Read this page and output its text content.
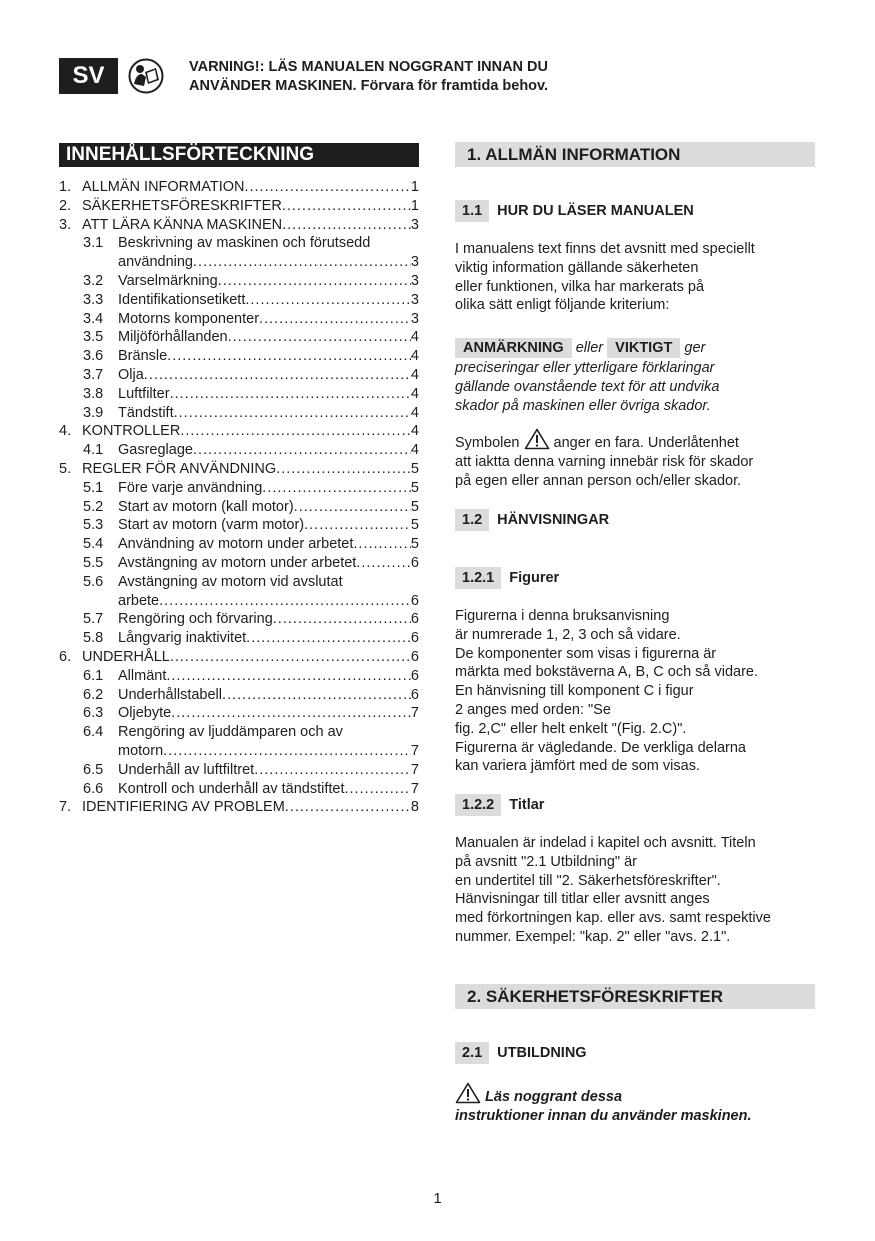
SV	VARNING!: LÄS MANUALEN NOGGRANT INNAN DU
ANVÄNDER MASKINEN. Förvara för framtida behov.
INNEHÅLLSFÖRTECKNING
1. ALLMÄN INFORMATION .....	1
2. SÄKERHETSFÖRESKRIFTER .....	1
3. ATT LÄRA KÄNNA MASKINEN .....	3
3.1	Beskrivning av maskinen och förutsedd
användning .....	3
3.2	Varselmärkning .....	3
3.3	Identifikationsetikett .....	3
3.4	Motorns komponenter .....	3
3.5	Miljöförhållanden .....	4
3.6	Bränsle .....	4
3.7	Olja .....	4
3.8	Luftfilter .....	4
3.9	Tändstift .....	4
4. KONTROLLER .....	4
4.1	Gasreglage .....	4
5. REGLER FÖR ANVÄNDNING .....	5
5.1	Före varje användning .....	5
5.2	Start av motorn (kall motor) .....	5
5.3	Start av motorn (varm motor) .....	5
5.4	Användning av motorn under arbetet .....	5
5.5	Avstängning av motorn under arbetet .....	6
5.6	Avstängning av motorn vid avslutat
arbete .....	6
5.7	Rengöring och förvaring .....	6
5.8	Långvarig inaktivitet .....	6
6. UNDERHÅLL .....	6
6.1	Allmänt .....	6
6.2	Underhållstabell .....	6
6.3	Oljebyte .....	7
6.4	Rengöring av ljuddämparen och av
motorn .....	7
6.5	Underhåll av luftfiltret .....	7
6.6	Kontroll och underhåll av tändstiftet .....	7
7. IDENTIFIERING AV PROBLEM .....	8
1. ALLMÄN INFORMATION
1.1	HUR DU LÄSER MANUALEN
I manualens text finns det avsnitt med speciellt
viktig information gällande säkerheten
eller funktionen, vilka har markerats på
olika sätt enligt följande kriterium:
ANMÄRKNING eller VIKTIGT ger
preciseringar eller ytterligare förklaringar
gällande ovanstående text för att undvika
skador på maskinen eller övriga skador.
Symbolen anger en fara. Underlåtenhet
att iaktta denna varning innebär risk för skador
på egen eller annan person och/eller skador.
1.2	HÄNVISNINGAR
1.2.1	Figurer
Figurerna i denna bruksanvisning
är numrerade 1, 2, 3 och så vidare.
De komponenter som visas i figurerna är
märkta med bokstäverna A, B, C och så vidare.
En hänvisning till komponent C i figur
2 anges med orden: "Se
fig. 2,C" eller helt enkelt "(Fig. 2.C)".
Figurerna är vägledande. De verkliga delarna
kan variera jämfört med de som visas.
1.2.2	Titlar
Manualen är indelad i kapitel och avsnitt. Titeln
på avsnitt "2.1 Utbildning" är
en undertitel till "2. Säkerhetsföreskrifter".
Hänvisningar till titlar eller avsnitt anges
med förkortningen kap. eller avs. samt respektive
nummer. Exempel: "kap. 2" eller "avs. 2.1".
2. SÄKERHETSFÖRESKRIFTER
2.1	UTBILDNING
Läs noggrant dessa
instruktioner innan du använder maskinen.
1
